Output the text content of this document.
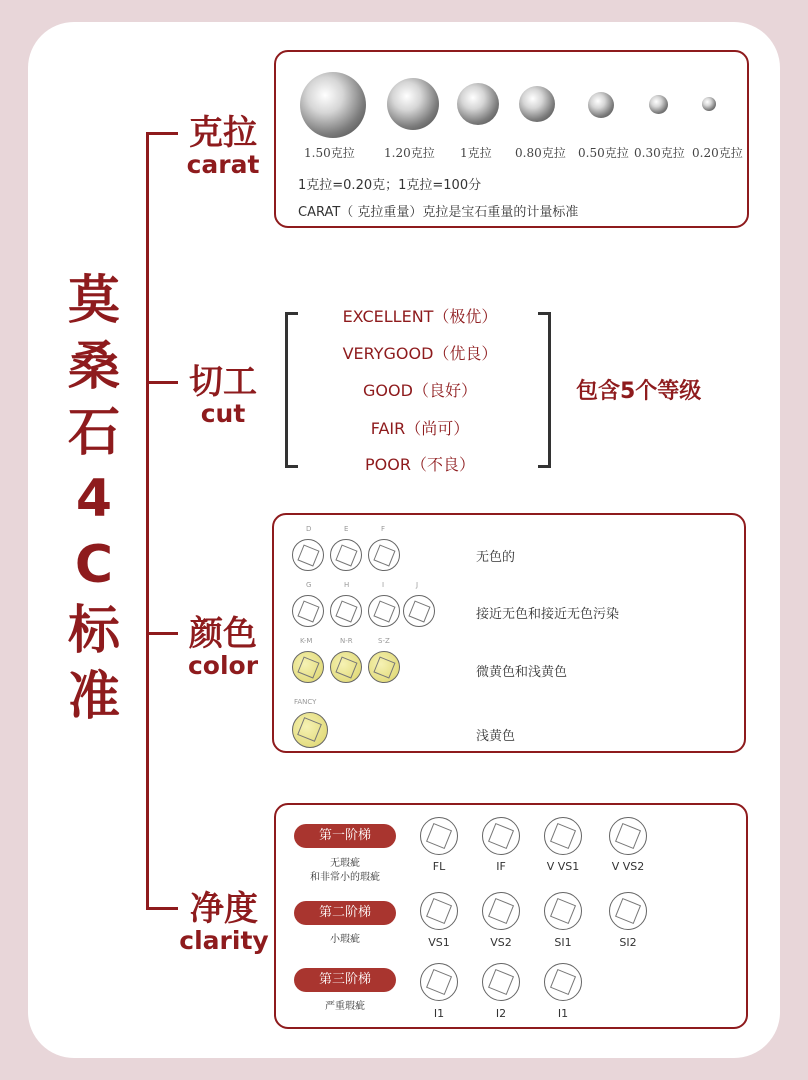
莫
桑
石
4
C
标
准
克拉
carat
切工
cut
颜色
color
净度
clarity
1.50克拉 1.20克拉 1克拉 0.80克拉 0.50克拉 0.30克拉 0.20克拉
1克拉=0.20克；1克拉=100分
CARAT（ 克拉重量）克拉是宝石重量的计量标准
EXCELLENT（极优）
VERYGOOD（优良）
GOOD（良好）
FAIR（尚可）
POOR（不良）
包含5个等级
D	E	F
无色的
G	H	I	J
接近无色和接近无色污染
K-M	N-R	S-Z
微黄色和浅黄色
FANCY
浅黄色
第一阶梯
无瑕疵
和非常小的瑕疵
FL	IF	V VS1	V VS2
第二阶梯
小瑕疵	VS1	VS2	SI1	SI2
第三阶梯
严重瑕疵
I1	I2	I1
